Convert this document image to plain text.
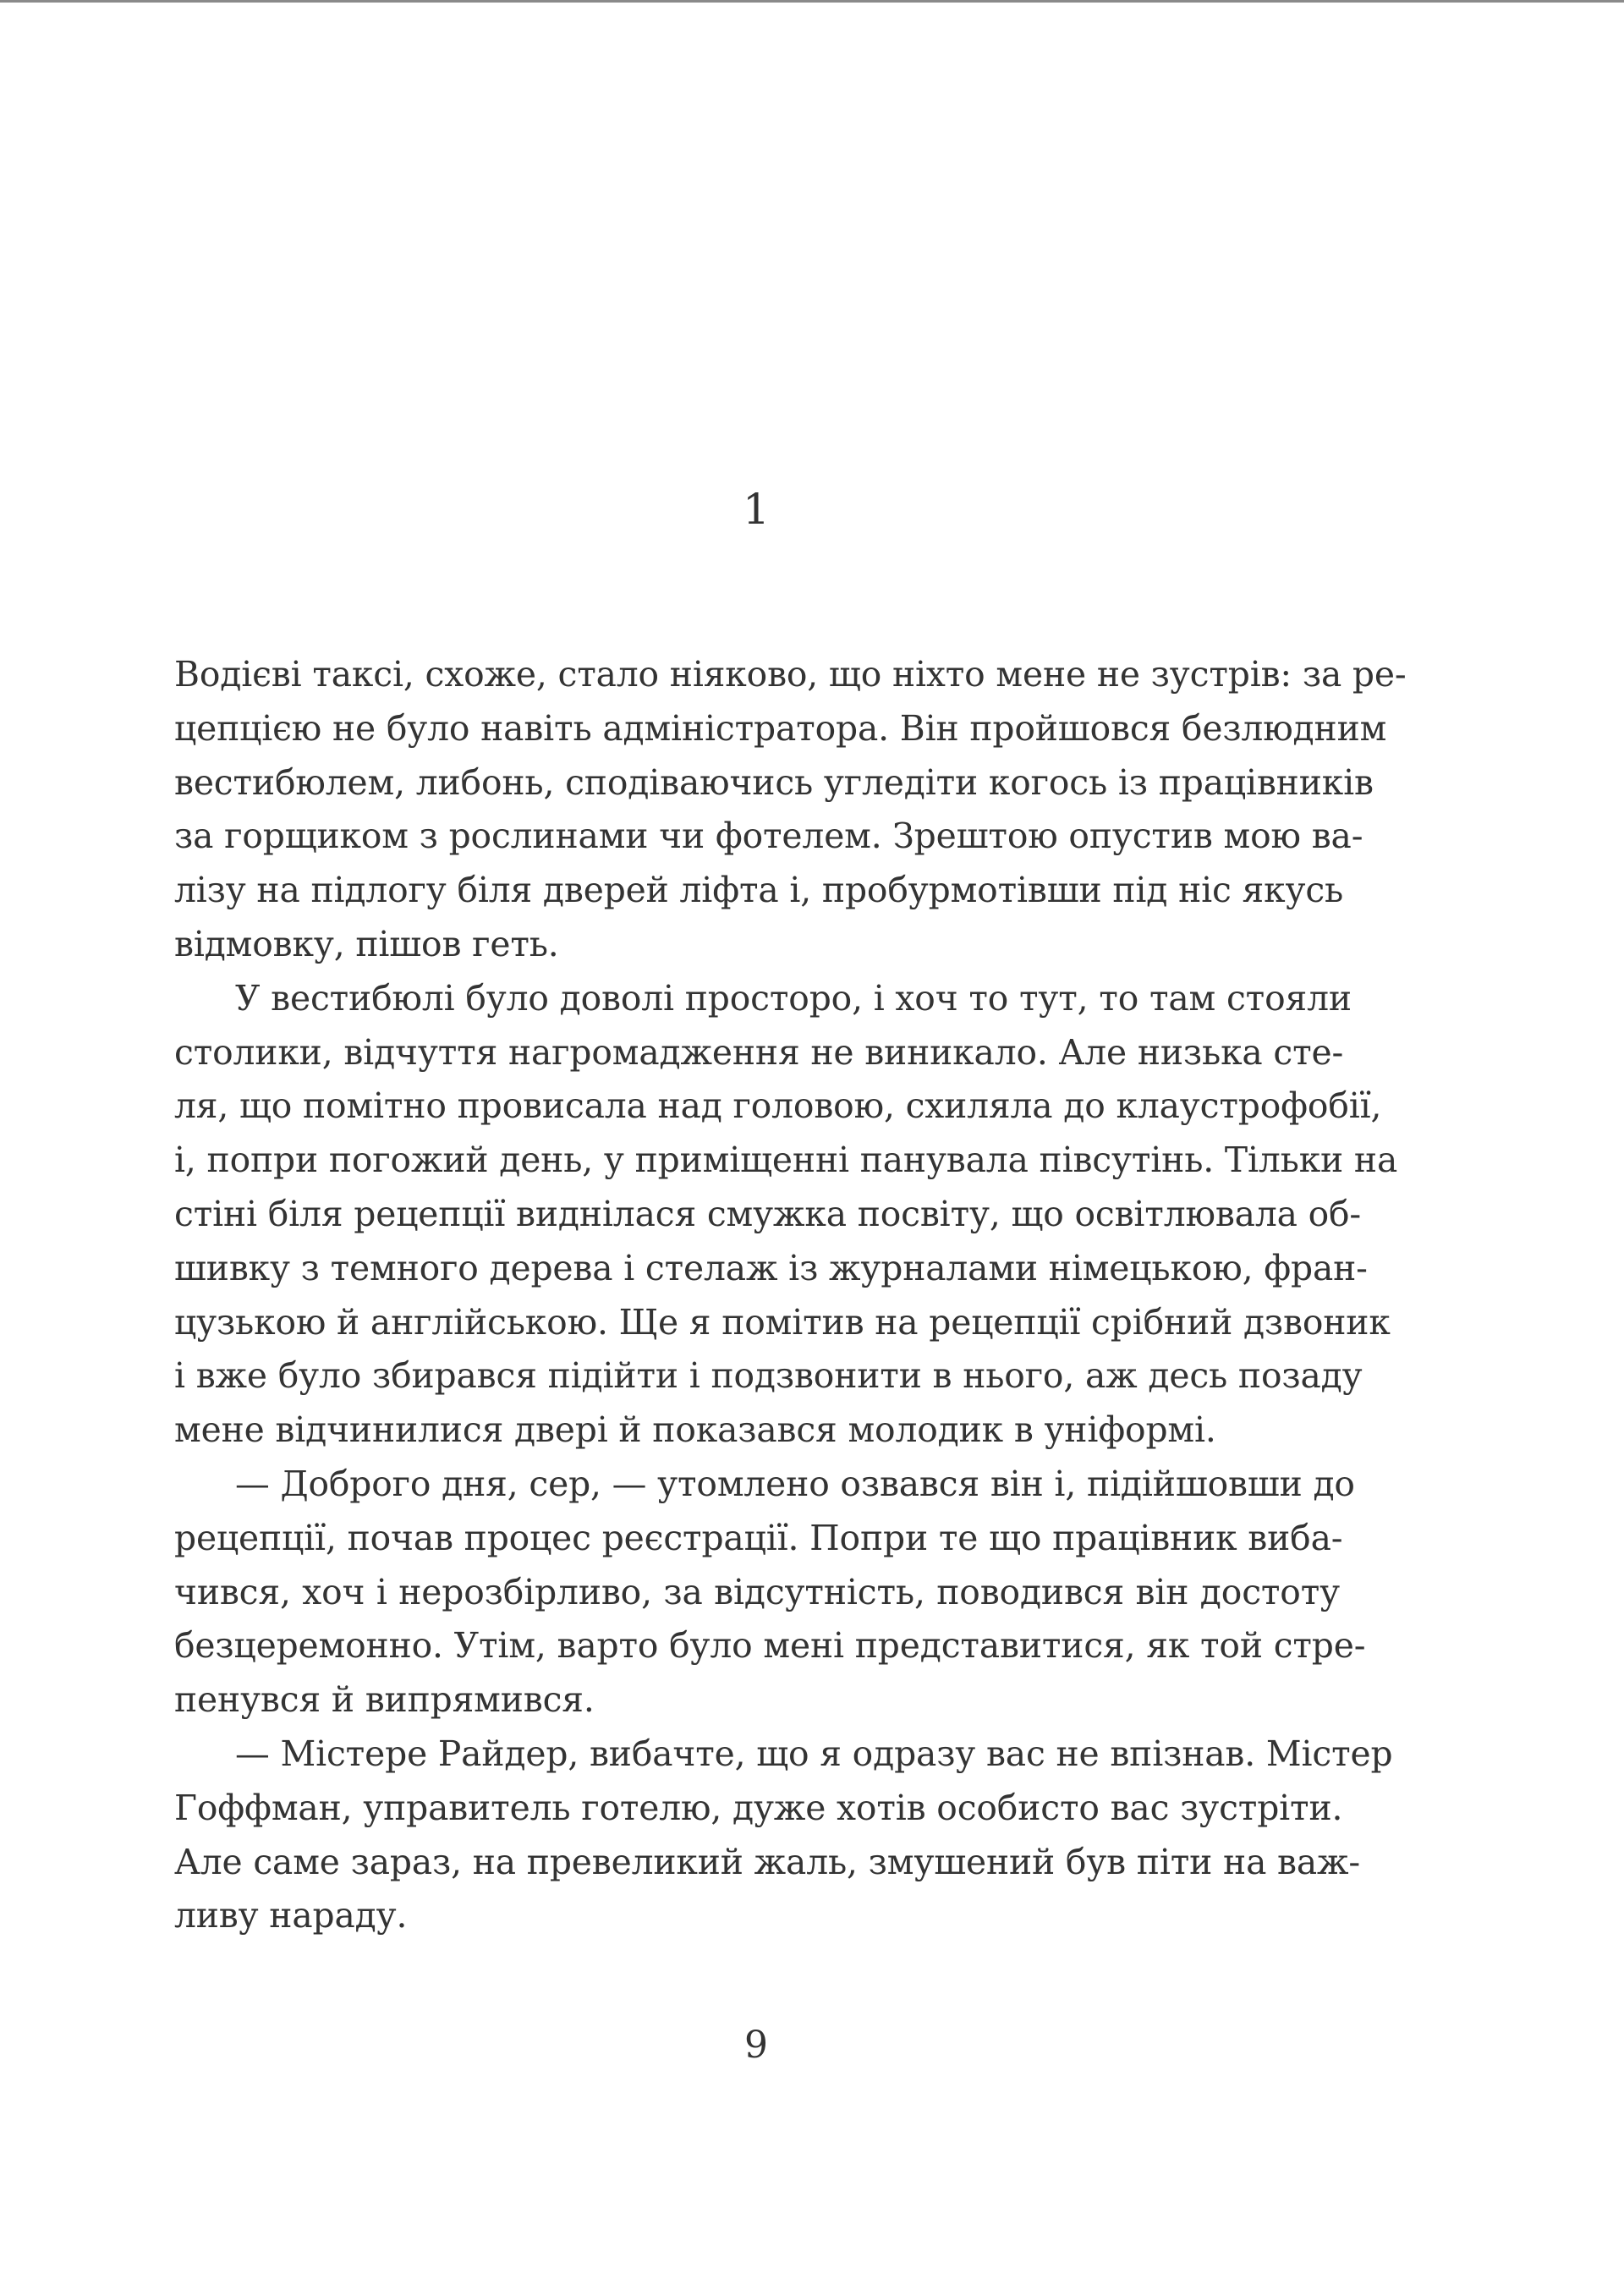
1

Водієві таксі, схоже, стало ніяково, що ніхто мене не зустрів: за ре-
цепцією не було навіть адміністратора. Він пройшовся безлюдним
вестибюлем, либонь, сподіваючись угледіти когось із працівників
за горщиком з рослинами чи фотелем. Зрештою опустив мою ва-
лізу на підлогу біля дверей ліфта і, пробурмотівши під ніс якусь
відмовку, пішов геть.

У вестибюлі було доволі просторо, і хоч то тут, то там стояли
столики, відчуття нагромадження не виникало. Але низька сте-
ля, що помітно провисала над головою, схиляла до клаустрофобії,
і, попри погожий день, у приміщенні панувала півсутінь. Тільки на
стіні біля рецепції виднілася смужка посвіту, що освітлювала об-
шивку з темного дерева і стелаж із журналами німецькою, фран-
цузькою й англійською. Ще я помітив на рецепції срібний дзвоник
і вже було збирався підійти і подзвонити в нього, аж десь позаду
мене відчинилися двері й показався молодик в уніформі.

— Доброго дня, сер, — утомлено озвався він і, підійшовши до
рецепції, почав процес реєстрації. Попри те що працівник виба-
чився, хоч і нерозбірливо, за відсутність, поводився він достоту
безцеремонно. Утім, варто було мені представитися, як той стре-
пенувся й випрямився.

— Містере Райдер, вибачте, що я одразу вас не впізнав. Містер
Гоффман, управитель готелю, дуже хотів особисто вас зустріти.
Але саме зараз, на превеликий жаль, змушений був піти на важ-
ливу нараду.

9
